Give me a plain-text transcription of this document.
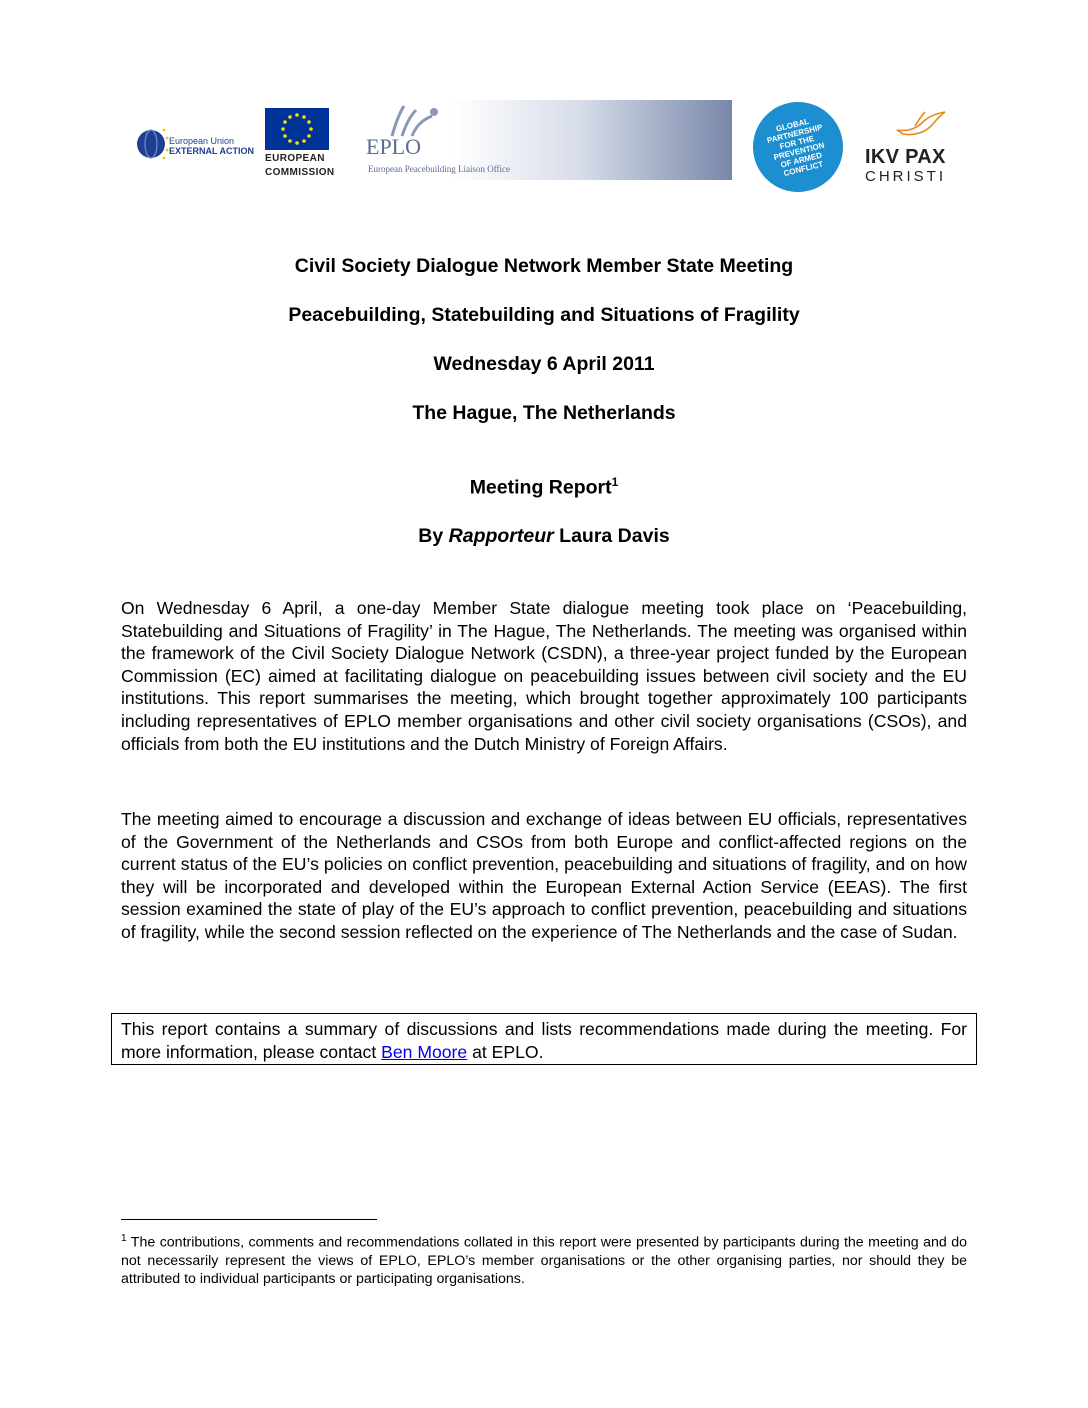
European Union
EXTERNAL ACTION
EUROPEAN
COMMISSION
EPLO
European Peacebuilding Liaison Office
GLOBAL PARTNERSHIP FOR THE PREVENTION OF ARMED CONFLICT
IKV PAX
CHRISTI
Civil Society Dialogue Network Member State Meeting
Peacebuilding, Statebuilding and Situations of Fragility
Wednesday 6 April 2011
The Hague, The Netherlands
Meeting Report$^1$
By Rapporteur Laura Davis
On Wednesday 6 April, a one-day Member State dialogue meeting took place on ‘Peacebuilding, Statebuilding and Situations of Fragility’ in The Hague, The Netherlands. The meeting was organised within the framework of the Civil Society Dialogue Network (CSDN), a three-year project funded by the European Commission (EC) aimed at facilitating dialogue on peacebuilding issues between civil society and the EU institutions. This report summarises the meeting, which brought together approximately 100 participants including representatives of EPLO member organisations and other civil society organisations (CSOs), and officials from both the EU institutions and the Dutch Ministry of Foreign Affairs.
The meeting aimed to encourage a discussion and exchange of ideas between EU officials, representatives of the Government of the Netherlands and CSOs from both Europe and conflict-affected regions on the current status of the EU’s policies on conflict prevention, peacebuilding and situations of fragility, and on how they will be incorporated and developed within the European External Action Service (EEAS). The first session examined the state of play of the EU’s approach to conflict prevention, peacebuilding and situations of fragility, while the second session reflected on the experience of The Netherlands and the case of Sudan.
This report contains a summary of discussions and lists recommendations made during the meeting. For more information, please contact Ben Moore at EPLO.
$^1$ The contributions, comments and recommendations collated in this report were presented by participants during the meeting and do not necessarily represent the views of EPLO, EPLO’s member organisations or the other organising parties, nor should they be attributed to individual participants or participating organisations.
